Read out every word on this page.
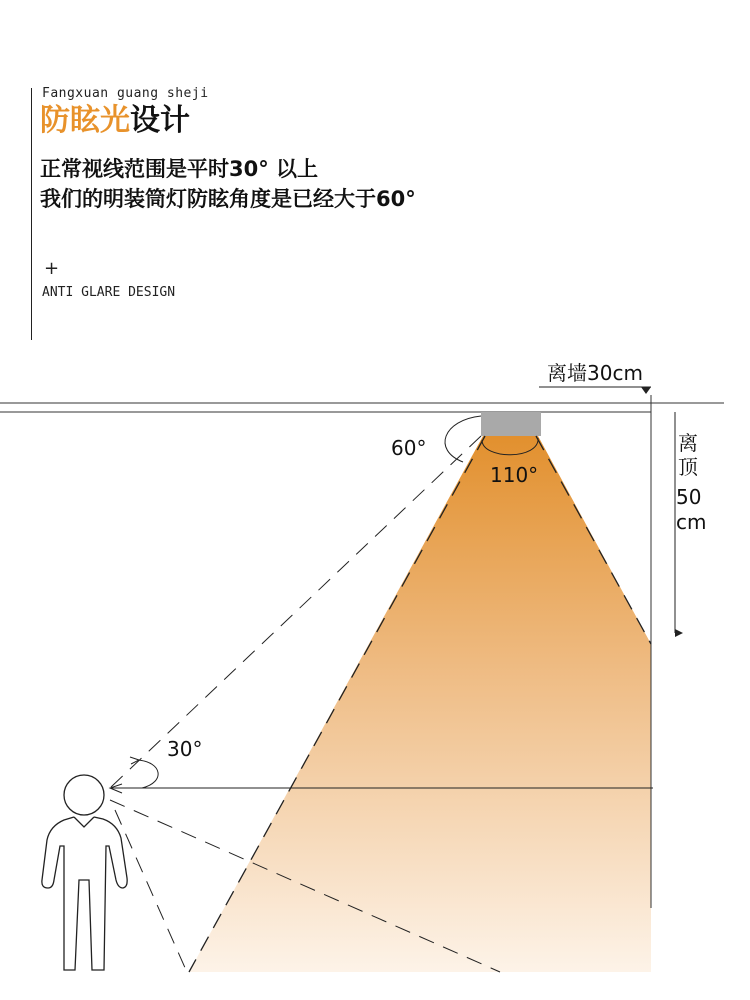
Fangxuan guang sheji
防眩光设计
正常视线范围是平时30° 以上
我们的明装筒灯防眩角度是已经大于60°
+
ANTI GLARE DESIGN
60°
110°
30°
离墙30cm
离
顶
50
cm
